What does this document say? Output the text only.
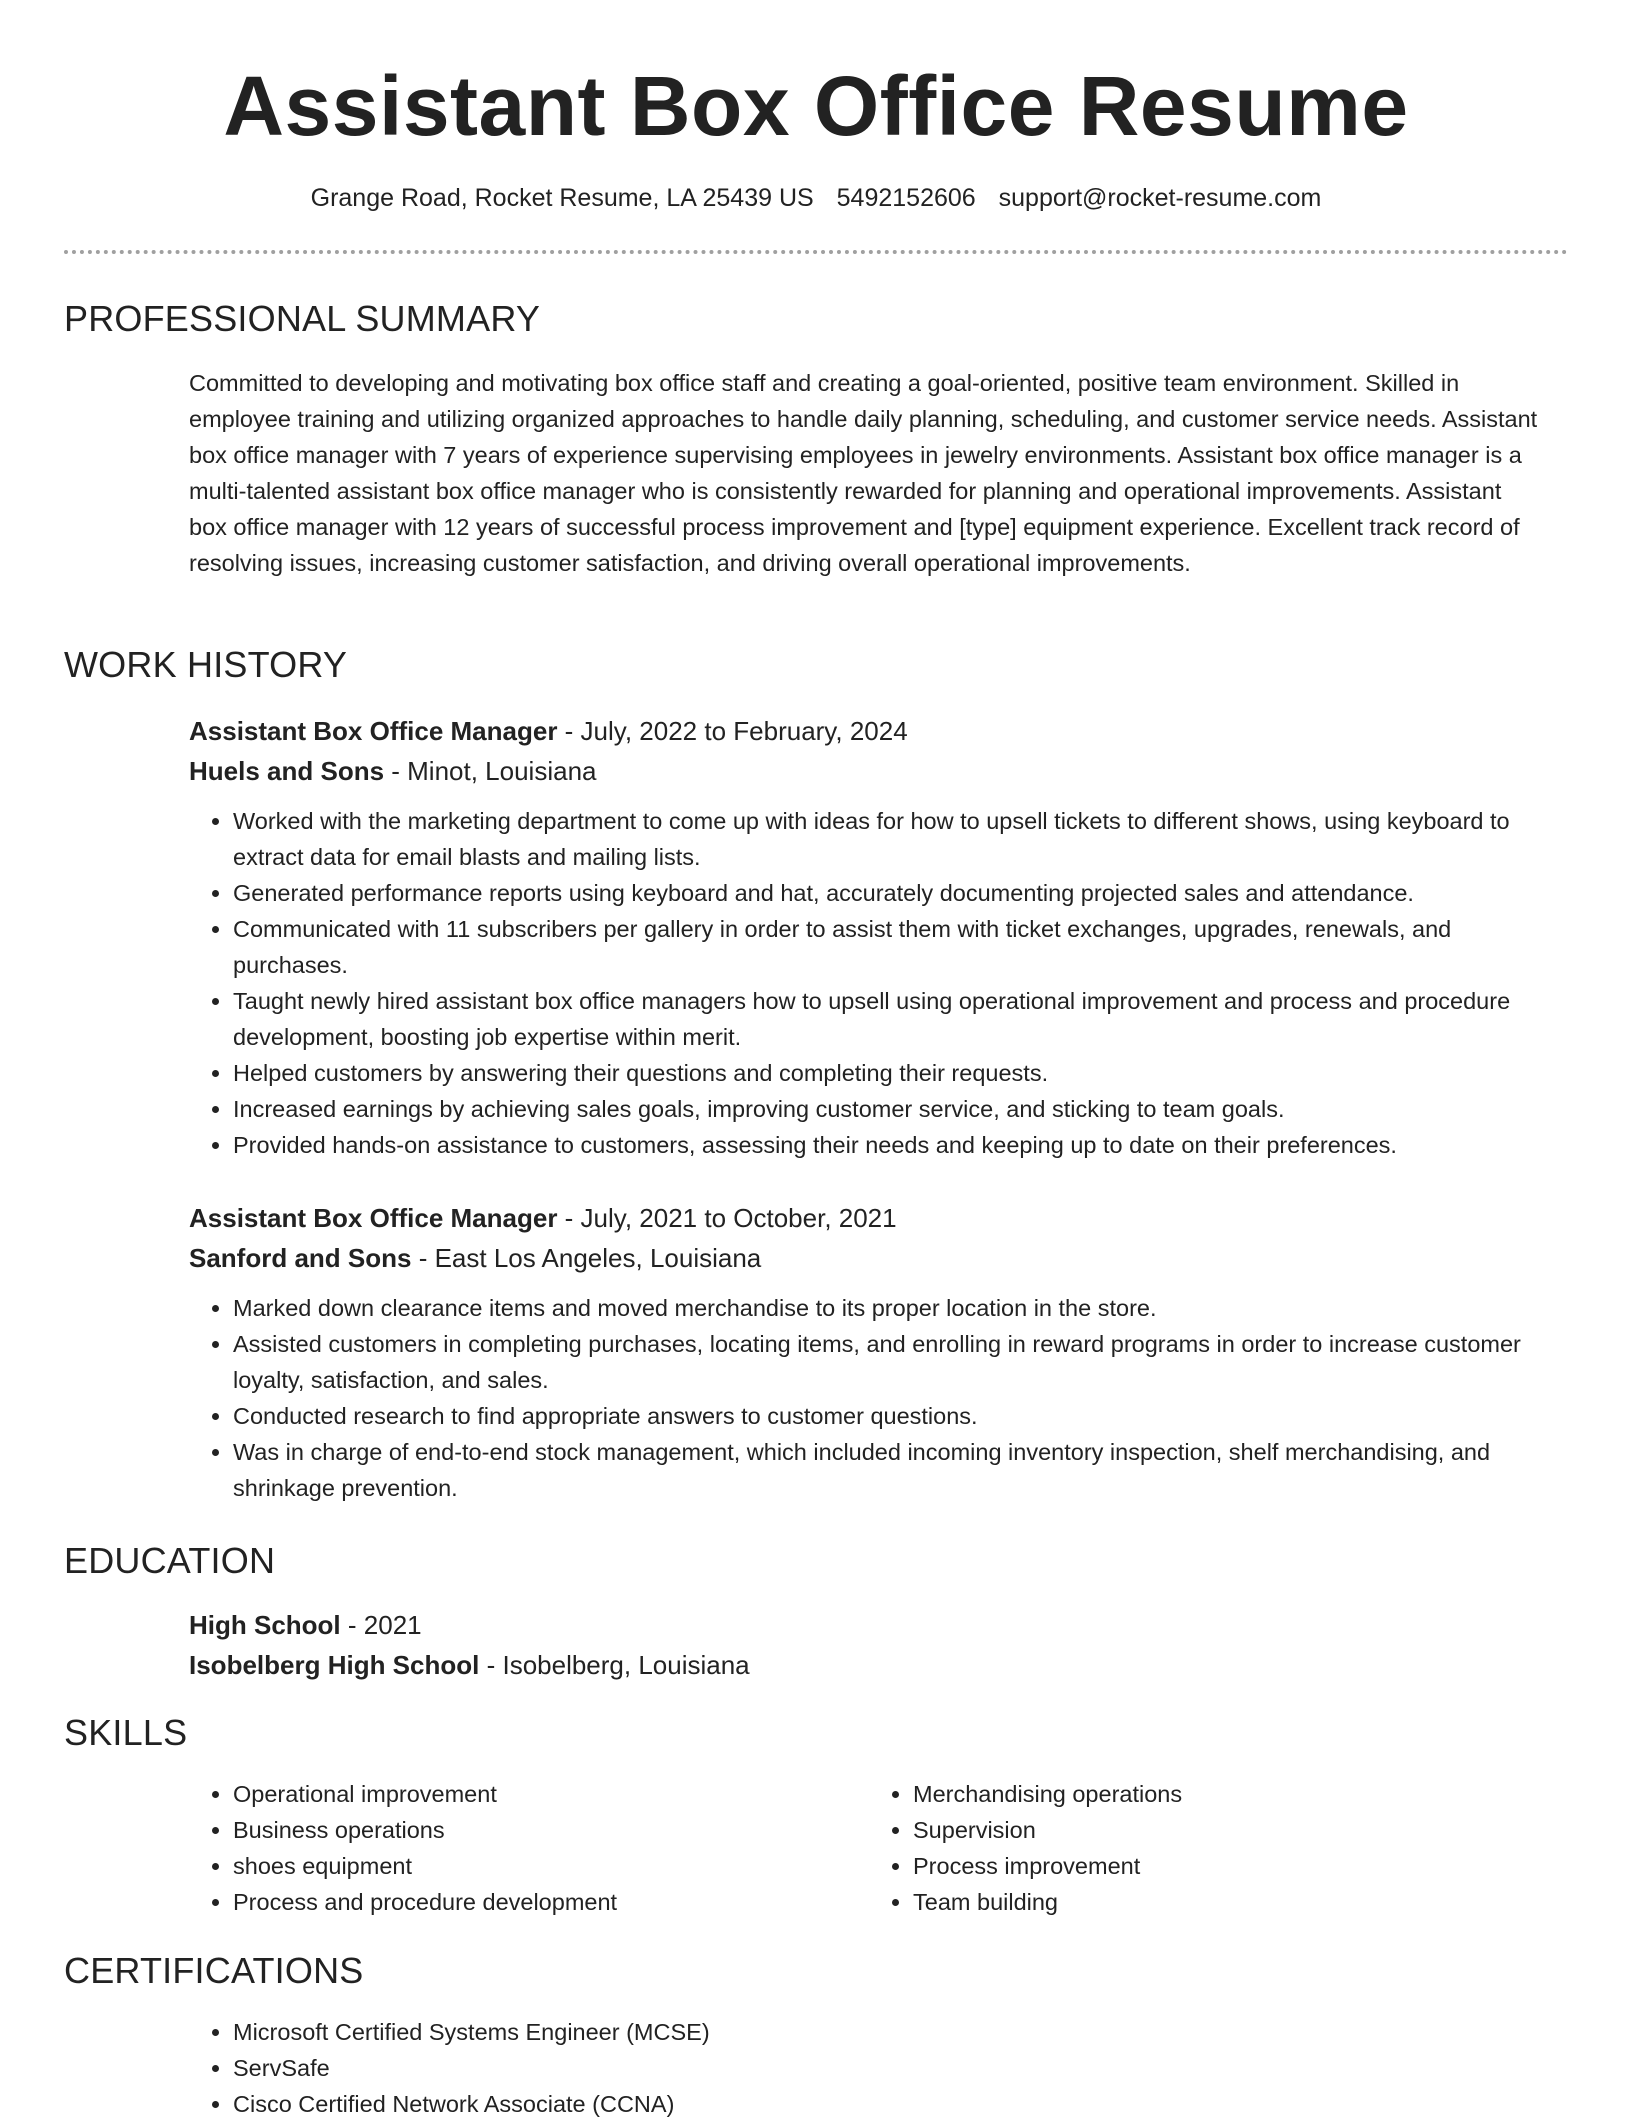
Assistant Box Office Resume
Grange Road, Rocket Resume, LA 25439 US 5492152606 support@rocket-resume.com
PROFESSIONAL SUMMARY

Committed to developing and motivating box office staff and creating a goal-oriented, positive team environment. Skilled in employee training and utilizing organized approaches to handle daily planning, scheduling, and customer service needs. Assistant box office manager with 7 years of experience supervising employees in jewelry environments. Assistant box office manager is a multi-talented assistant box office manager who is consistently rewarded for planning and operational improvements. Assistant box office manager with 12 years of successful process improvement and [type] equipment experience. Excellent track record of resolving issues, increasing customer satisfaction, and driving overall operational improvements.

WORK HISTORY
Assistant Box Office Manager - July, 2022 to February, 2024
Huels and Sons - Minot, Louisiana
• Worked with the marketing department to come up with ideas for how to upsell tickets to different shows, using keyboard to extract data for email blasts and mailing lists.
• Generated performance reports using keyboard and hat, accurately documenting projected sales and attendance.
• Communicated with 11 subscribers per gallery in order to assist them with ticket exchanges, upgrades, renewals, and purchases.
• Taught newly hired assistant box office managers how to upsell using operational improvement and process and procedure development, boosting job expertise within merit.
• Helped customers by answering their questions and completing their requests.
• Increased earnings by achieving sales goals, improving customer service, and sticking to team goals.
• Provided hands-on assistance to customers, assessing their needs and keeping up to date on their preferences.
Assistant Box Office Manager - July, 2021 to October, 2021
Sanford and Sons - East Los Angeles, Louisiana
• Marked down clearance items and moved merchandise to its proper location in the store.
• Assisted customers in completing purchases, locating items, and enrolling in reward programs in order to increase customer loyalty, satisfaction, and sales.
• Conducted research to find appropriate answers to customer questions.
• Was in charge of end-to-end stock management, which included incoming inventory inspection, shelf merchandising, and shrinkage prevention.
EDUCATION
High School - 2021
Isobelberg High School - Isobelberg, Louisiana
SKILLS
• Operational improvement
• Business operations
• shoes equipment
• Process and procedure development
• Merchandising operations
• Supervision
• Process improvement
• Team building
CERTIFICATIONS
• Microsoft Certified Systems Engineer (MCSE)
• ServSafe
• Cisco Certified Network Associate (CCNA)
